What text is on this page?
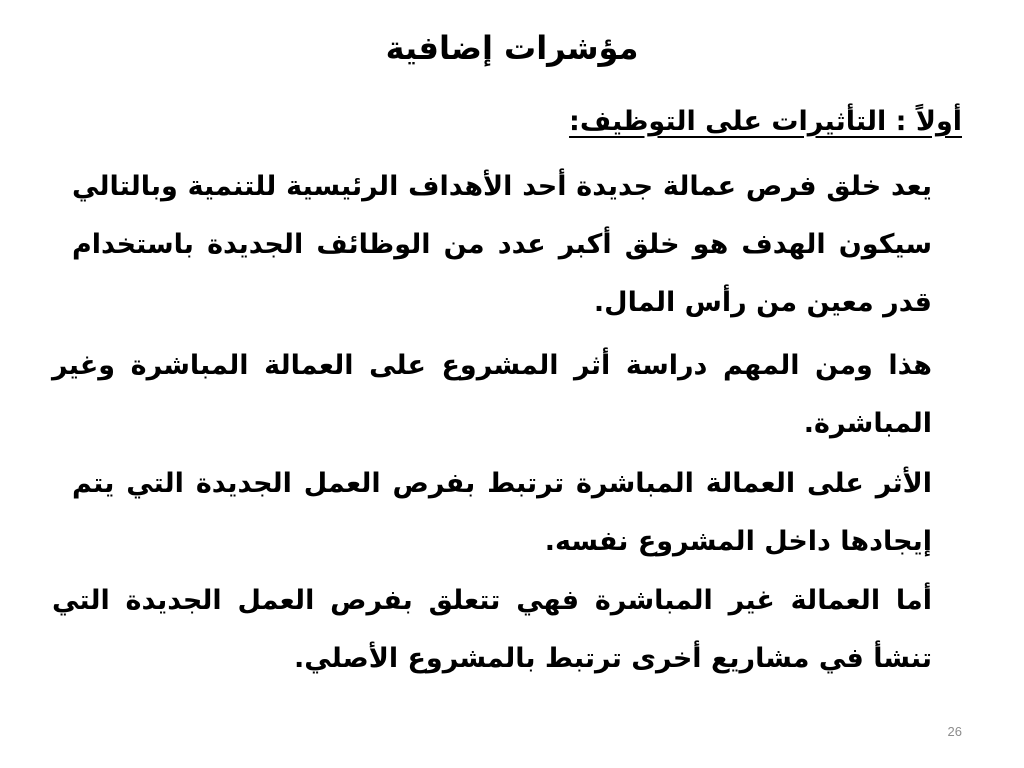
مؤشرات إضافية

أولاً : التأثيرات على التوظيف:

يعد خلق فرص عمالة جديدة أحد الأهداف الرئيسية للتنمية وبالتالي سيكون الهدف هو خلق أكبر عدد من الوظائف الجديدة باستخدام قدر معين من رأس المال.

هذا ومن المهم دراسة أثر المشروع على العمالة المباشرة وغير المباشرة.

الأثر على العمالة المباشرة ترتبط بفرص العمل الجديدة التي يتم إيجادها داخل المشروع نفسه.

أما العمالة غير المباشرة فهي تتعلق بفرص العمل الجديدة التي تنشأ في مشاريع أخرى ترتبط بالمشروع الأصلي.

26
